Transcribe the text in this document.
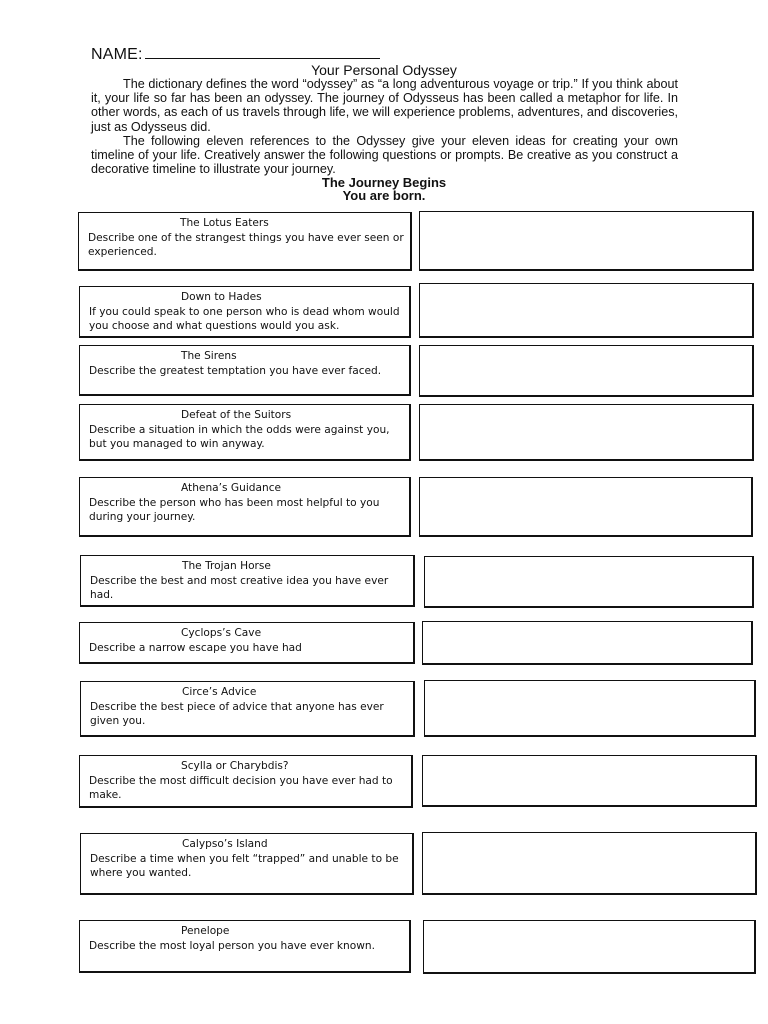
NAME:
Your Personal Odyssey

The dictionary defines the word “odyssey” as “a long adventurous voyage or trip.” If you think about it, your life so far has been an odyssey. The journey of Odysseus has been called a metaphor for life. In other words, as each of us travels through life, we will experience problems, adventures, and discoveries, just as Odysseus did.

The following eleven references to the Odyssey give your eleven ideas for creating your own timeline of your life. Creatively answer the following questions or prompts. Be creative as you construct a decorative timeline to illustrate your journey.

The Journey Begins
You are born.
The Lotus Eaters
Describe one of the strangest things you have ever seen or experienced.
Down to Hades
If you could speak to one person who is dead whom would you choose and what questions would you ask.
The Sirens
Describe the greatest temptation you have ever faced.
Defeat of the Suitors
Describe a situation in which the odds were against you, but you managed to win anyway.
Athena’s Guidance
Describe the person who has been most helpful to you during your journey.
The Trojan Horse
Describe the best and most creative idea you have ever had.
Cyclops’s Cave
Describe a narrow escape you have had
Circe’s Advice
Describe the best piece of advice that anyone has ever given you.
Scylla or Charybdis?
Describe the most difficult decision you have ever had to make.
Calypso’s Island
Describe a time when you felt “trapped” and unable to be where you wanted.
Penelope
Describe the most loyal person you have ever known.
